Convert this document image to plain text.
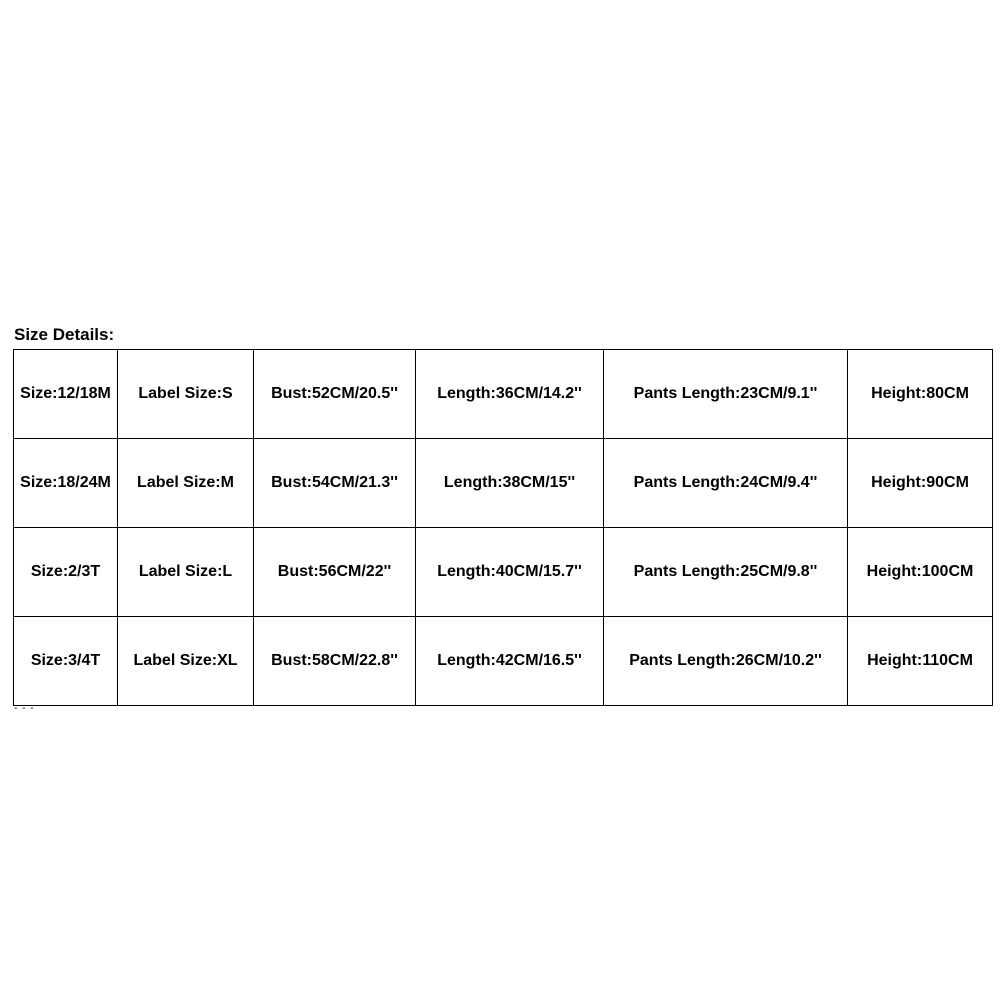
Size Details:
Size:12/18M	Label Size:S	Bust:52CM/20.5''	Length:36CM/14.2''	Pants Length:23CM/9.1''	Height:80CM
Size:18/24M	Label Size:M	Bust:54CM/21.3''	Length:38CM/15''	Pants Length:24CM/9.4''	Height:90CM
Size:2/3T	Label Size:L	Bust:56CM/22''	Length:40CM/15.7''	Pants Length:25CM/9.8''	Height:100CM
Size:3/4T	Label Size:XL	Bust:58CM/22.8''	Length:42CM/16.5''	Pants Length:26CM/10.2''	Height:110CM
- - -
